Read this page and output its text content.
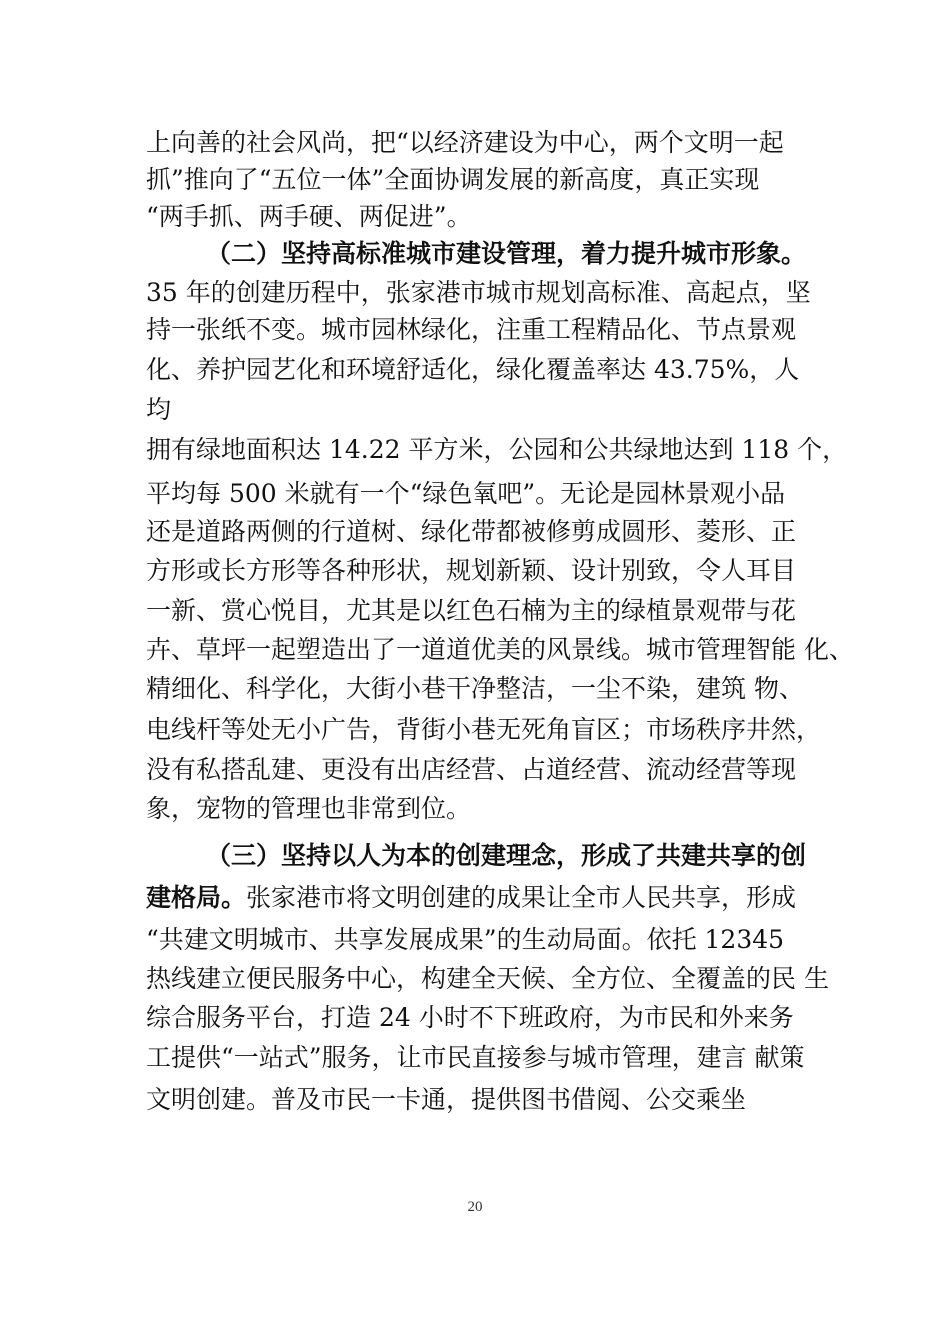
上向善的社会风尚，把“以经济建设为中心，两个文明一起
抓”推向了“五位一体”全面协调发展的新高度，真正实现
“两手抓、两手硬、两促进”。
（二）坚持高标准城市建设管理，着力提升城市形象。
35 年的创建历程中，张家港市城市规划高标准、高起点，坚
持一张纸不变。城市园林绿化，注重工程精品化、节点景观
化、养护园艺化和环境舒适化，绿化覆盖率达 43.75%，人
均
拥有绿地面积达 14.22 平方米，公园和公共绿地达到 118 个，
平均每 500 米就有一个“绿色氧吧”。无论是园林景观小品
还是道路两侧的行道树、绿化带都被修剪成圆形、菱形、正
方形或长方形等各种形状，规划新颖、设计别致，令人耳目
一新、赏心悦目，尤其是以红色石楠为主的绿植景观带与花
卉、草坪一起塑造出了一道道优美的风景线。城市管理智能 化、
精细化、科学化，大街小巷干净整洁，一尘不染，建筑 物、
电线杆等处无小广告，背街小巷无死角盲区；市场秩序井然，
没有私搭乱建、更没有出店经营、占道经营、流动经营等现
象，宠物的管理也非常到位。
（三）坚持以人为本的创建理念，形成了共建共享的创
建格局。张家港市将文明创建的成果让全市人民共享，形成
“共建文明城市、共享发展成果”的生动局面。依托 12345
热线建立便民服务中心，构建全天候、全方位、全覆盖的民 生
综合服务平台，打造 24 小时不下班政府，为市民和外来务
工提供“一站式”服务，让市民直接参与城市管理，建言 献策
文明创建。普及市民一卡通，提供图书借阅、公交乘坐
20
